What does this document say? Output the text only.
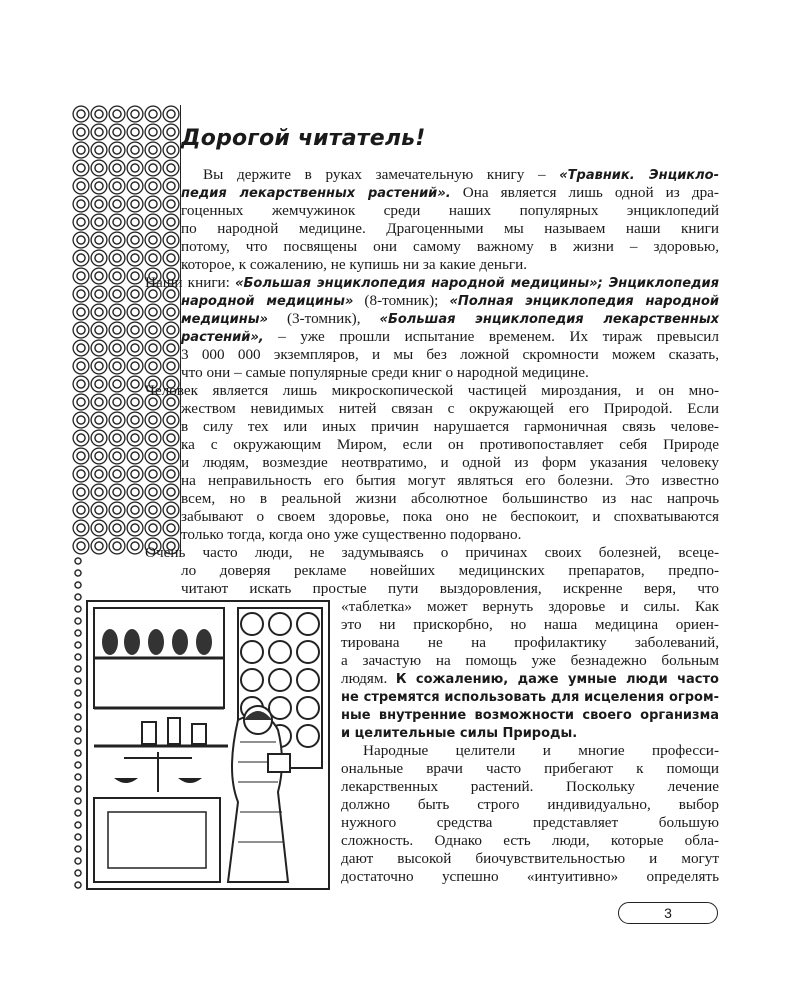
Дорогой читатель!
Вы держите в руках замечательную книгу – «Травник. Энцикло-
педия лекарственных растений». Она является лишь одной из дра-
гоценных жемчужинок среди наших популярных энциклопедий
по народной медицине. Драгоценными мы называем наши книги
потому, что посвящены они самому важному в жизни – здоровью,
которое, к сожалению, не купишь ни за какие деньги.
Наши книги: «Большая энциклопедия народной медицины»; Энциклопедия
народной медицины» (8-томник); «Полная энциклопедия народной
медицины» (3-томник), «Большая энциклопедия лекарственных
растений», – уже прошли испытание временем. Их тираж превысил
3 000 000 экземпляров, и мы без ложной скромности можем сказать,
что они – самые популярные среди книг о народной медицине.
Человек является лишь микроскопической частицей мироздания, и он мно-
жеством невидимых нитей связан с окружающей его Природой. Если
в силу тех или иных причин нарушается гармоничная связь челове-
ка с окружающим Миром, если он противопоставляет себя Природе
и людям, возмездие неотвратимо, и одной из форм указания человеку
на неправильность его бытия могут являться его болезни. Это известно
всем, но в реальной жизни абсолютное большинство из нас напрочь
забывают о своем здоровье, пока оно не беспокоит, и спохватываются
только тогда, когда оно уже существенно подорвано.
Очень часто люди, не задумываясь о причинах своих болезней, всеце-
ло доверяя рекламе новейших медицинских препаратов, предпо-
читают искать простые пути выздоровления, искренне веря, что
«таблетка» может вернуть здоровье и силы. Как
это ни прискорбно, но наша медицина ориен-
тирована не на профилактику заболеваний,
а зачастую на помощь уже безнадежно больным
людям. К сожалению, даже умные люди часто
не стремятся использовать для исцеления огром-
ные внутренние возможности своего организма
и целительные силы Природы.
Народные целители и многие професси-
ональные врачи часто прибегают к помощи
лекарственных растений. Поскольку лечение
должно быть строго индивидуально, выбор
нужного средства представляет большую
сложность. Однако есть люди, которые обла-
дают высокой биочувствительностью и могут
достаточно успешно «интуитивно» определять
3
